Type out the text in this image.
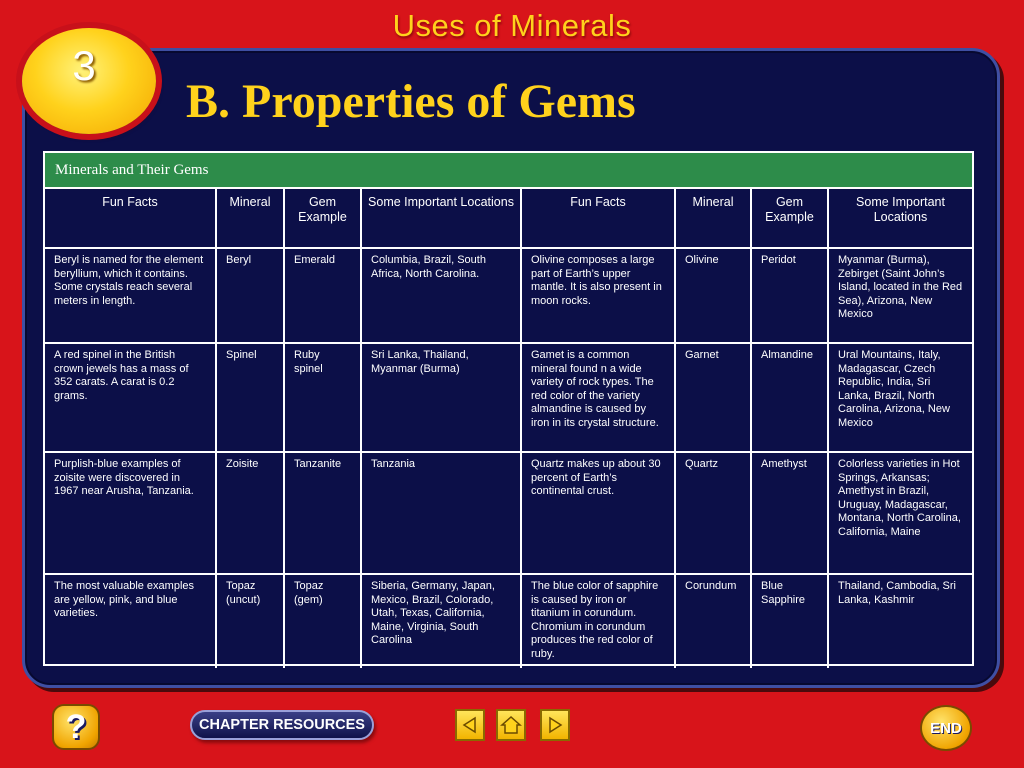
Uses of Minerals
3
B. Properties of Gems
Minerals and Their Gems
Fun Facts	Mineral	Gem Example	Some Important Locations	Fun Facts	Mineral	Gem Example	Some Important Locations
Beryl is named for the element beryllium, which it contains. Some crystals reach several meters in length.	Beryl	Emerald	Columbia, Brazil, South Africa, North Carolina.	Olivine composes a large part of Earth’s upper mantle. It is also present in moon rocks.	Olivine	Peridot	Myanmar (Burma), Zebirget (Saint John’s Island, located in the Red Sea), Arizona, New Mexico
A red spinel in the British crown jewels has a mass of 352 carats. A carat is 0.2 grams.	Spinel	Ruby spinel	Sri Lanka, Thailand, Myanmar (Burma)	Gamet is a common mineral found n a wide variety of rock types. The red color of the variety almandine is caused by iron in its crystal structure.	Garnet	Almandine	Ural Mountains, Italy, Madagascar, Czech Republic, India, Sri Lanka, Brazil, North Carolina, Arizona, New Mexico
Purplish-blue examples of zoisite were discovered in 1967 near Arusha, Tanzania.	Zoisite	Tanzanite	Tanzania	Quartz makes up about 30 percent of Earth’s continental crust.	Quartz	Amethyst	Colorless varieties in Hot Springs, Arkansas; Amethyst in Brazil, Uruguay, Madagascar, Montana, North Carolina, California, Maine
The most valuable examples are yellow, pink, and blue varieties.	Topaz (uncut)	Topaz (gem)	Siberia, Germany, Japan, Mexico, Brazil, Colorado, Utah, Texas, California, Maine, Virginia, South Carolina	The blue color of sapphire is caused by iron or titanium in corundum. Chromium in corundum produces the red color of ruby.	Corundum	Blue Sapphire	Thailand, Cambodia, Sri Lanka, Kashmir
?	CHAPTER RESOURCES	END
